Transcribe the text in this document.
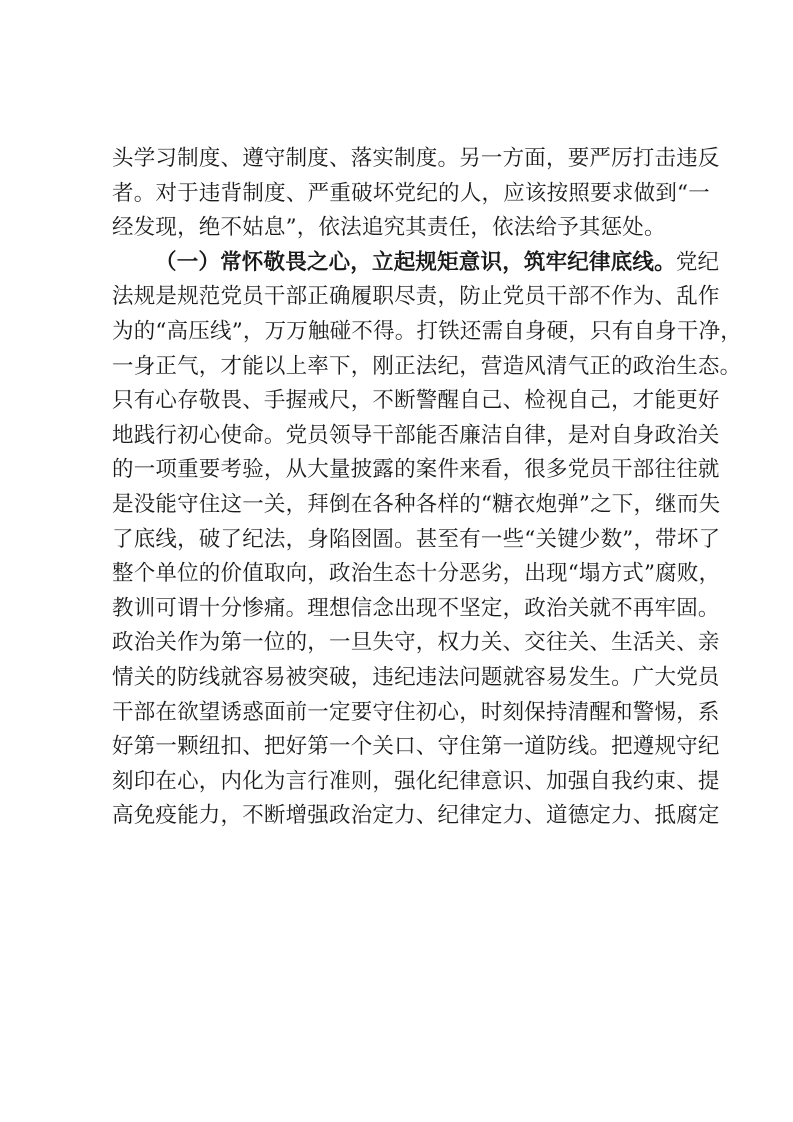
头学习制度、遵守制度、落实制度。另一方面，要严厉打击违反
者。对于违背制度、严重破坏党纪的人，应该按照要求做到“一
经发现，绝不姑息”，依法追究其责任，依法给予其惩处。
（一）常怀敬畏之心，立起规矩意识，筑牢纪律底线。党纪
法规是规范党员干部正确履职尽责，防止党员干部不作为、乱作
为的“高压线”，万万触碰不得。打铁还需自身硬，只有自身干净，
一身正气，才能以上率下，刚正法纪，营造风清气正的政治生态。
只有心存敬畏、手握戒尺，不断警醒自己、检视自己，才能更好
地践行初心使命。党员领导干部能否廉洁自律，是对自身政治关
的一项重要考验，从大量披露的案件来看，很多党员干部往往就
是没能守住这一关，拜倒在各种各样的“糖衣炮弹”之下，继而失
了底线，破了纪法，身陷囹圄。甚至有一些“关键少数”，带坏了
整个单位的价值取向，政治生态十分恶劣，出现“塌方式”腐败，
教训可谓十分惨痛。理想信念出现不坚定，政治关就不再牢固。
政治关作为第一位的，一旦失守，权力关、交往关、生活关、亲
情关的防线就容易被突破，违纪违法问题就容易发生。广大党员
干部在欲望诱惑面前一定要守住初心，时刻保持清醒和警惕，系
好第一颗纽扣、把好第一个关口、守住第一道防线。把遵规守纪
刻印在心，内化为言行准则，强化纪律意识、加强自我约束、提
高免疫能力，不断增强政治定力、纪律定力、道德定力、抵腐定
